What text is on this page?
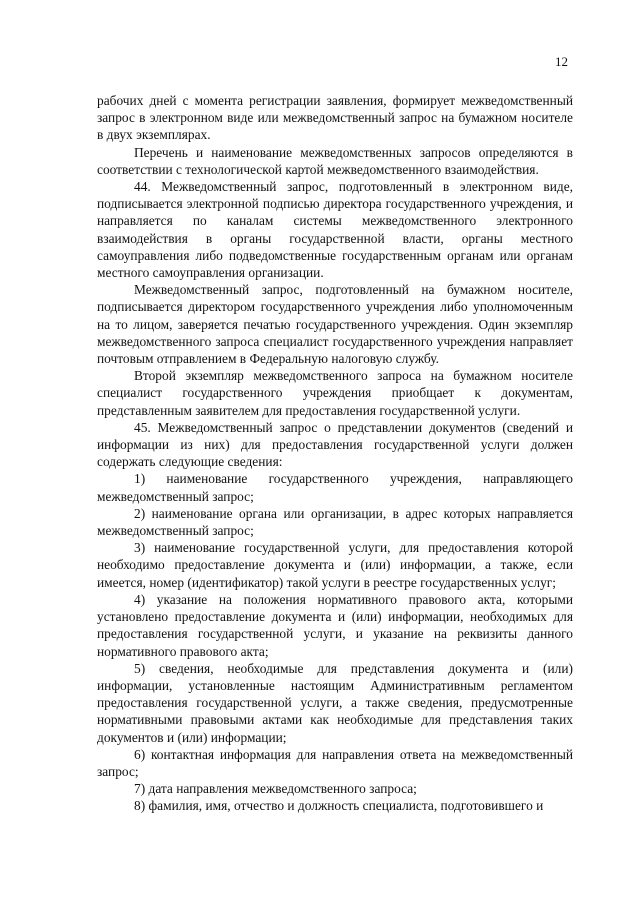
12

рабочих дней с момента регистрации заявления, формирует межведомственный запрос в электронном виде или межведомственный запрос на бумажном носителе в двух экземплярах.

Перечень и наименование межведомственных запросов определяются в соответствии с технологической картой межведомственного взаимодействия.

44. Межведомственный запрос, подготовленный в электронном виде, подписывается электронной подписью директора государственного учреждения, и направляется по каналам системы межведомственного электронного взаимодействия в органы государственной власти, органы местного самоуправления либо подведомственные государственным органам или органам местного самоуправления организации.

Межведомственный запрос, подготовленный на бумажном носителе, подписывается директором государственного учреждения либо уполномоченным на то лицом, заверяется печатью государственного учреждения. Один экземпляр межведомственного запроса специалист государственного учреждения направляет почтовым отправлением в Федеральную налоговую службу.

Второй экземпляр межведомственного запроса на бумажном носителе специалист государственного учреждения приобщает к документам, представленным заявителем для предоставления государственной услуги.

45. Межведомственный запрос о представлении документов (сведений и информации из них) для предоставления государственной услуги должен содержать следующие сведения:

1) наименование государственного учреждения, направляющего межведомственный запрос;

2) наименование органа или организации, в адрес которых направляется межведомственный запрос;

3) наименование государственной услуги, для предоставления которой необходимо предоставление документа и (или) информации, а также, если имеется, номер (идентификатор) такой услуги в реестре государственных услуг;

4) указание на положения нормативного правового акта, которыми установлено предоставление документа и (или) информации, необходимых для предоставления государственной услуги, и указание на реквизиты данного нормативного правового акта;

5) сведения, необходимые для представления документа и (или) информации, установленные настоящим Административным регламентом предоставления государственной услуги, а также сведения, предусмотренные нормативными правовыми актами как необходимые для представления таких документов и (или) информации;

6) контактная информация для направления ответа на межведомственный запрос;

7) дата направления межведомственного запроса;

8) фамилия, имя, отчество и должность специалиста, подготовившего и
